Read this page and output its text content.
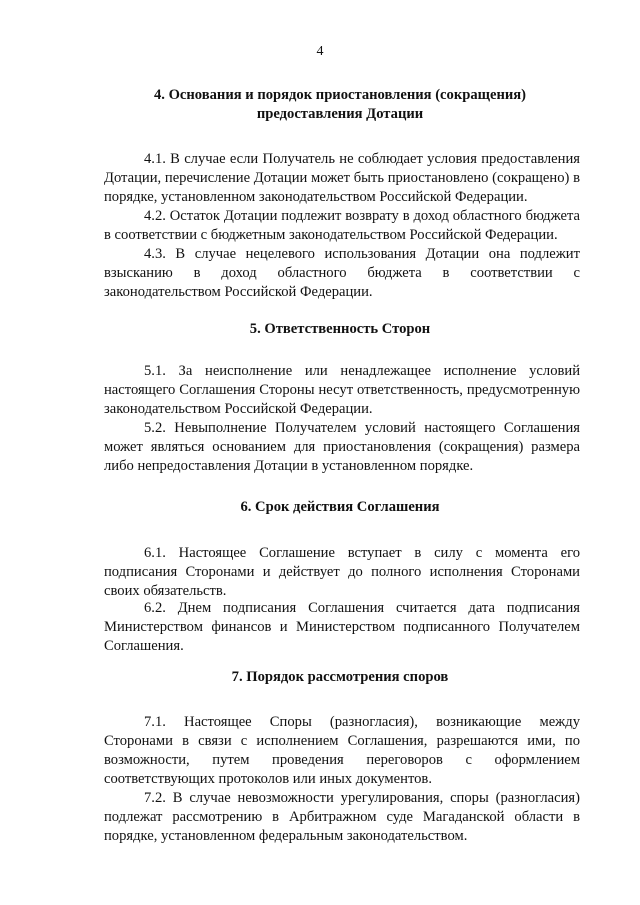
4
4. Основания и порядок приостановления (сокращения)
предоставления Дотации

4.1. В случае если Получатель не соблюдает условия предоставления Дотации, перечисление Дотации может быть приостановлено (сокращено) в порядке, установленном законодательством Российской Федерации.

4.2. Остаток Дотации подлежит возврату в доход областного бюджета в соответствии с бюджетным законодательством Российской Федерации.

4.3. В случае нецелевого использования Дотации она подлежит взысканию в доход областного бюджета в соответствии с законодательством Российской Федерации.

5. Ответственность Сторон

5.1. За неисполнение или ненадлежащее исполнение условий настоящего Соглашения Стороны несут ответственность, предусмотренную законодательством Российской Федерации.

5.2. Невыполнение Получателем условий настоящего Соглашения может являться основанием для приостановления (сокращения) размера либо непредоставления Дотации в установленном порядке.

6. Срок действия Соглашения

6.1. Настоящее Соглашение вступает в силу с момента его подписания Сторонами и действует до полного исполнения Сторонами своих обязательств.

6.2. Днем подписания Соглашения считается дата подписания Министерством финансов и Министерством подписанного Получателем Соглашения.

7. Порядок рассмотрения споров

7.1. Настоящее Споры (разногласия), возникающие между Сторонами в связи с исполнением Соглашения, разрешаются ими, по возможности, путем проведения переговоров с оформлением соответствующих протоколов или иных документов.

7.2. В случае невозможности урегулирования, споры (разногласия) подлежат рассмотрению в Арбитражном суде Магаданской области в порядке, установленном федеральным законодательством.
